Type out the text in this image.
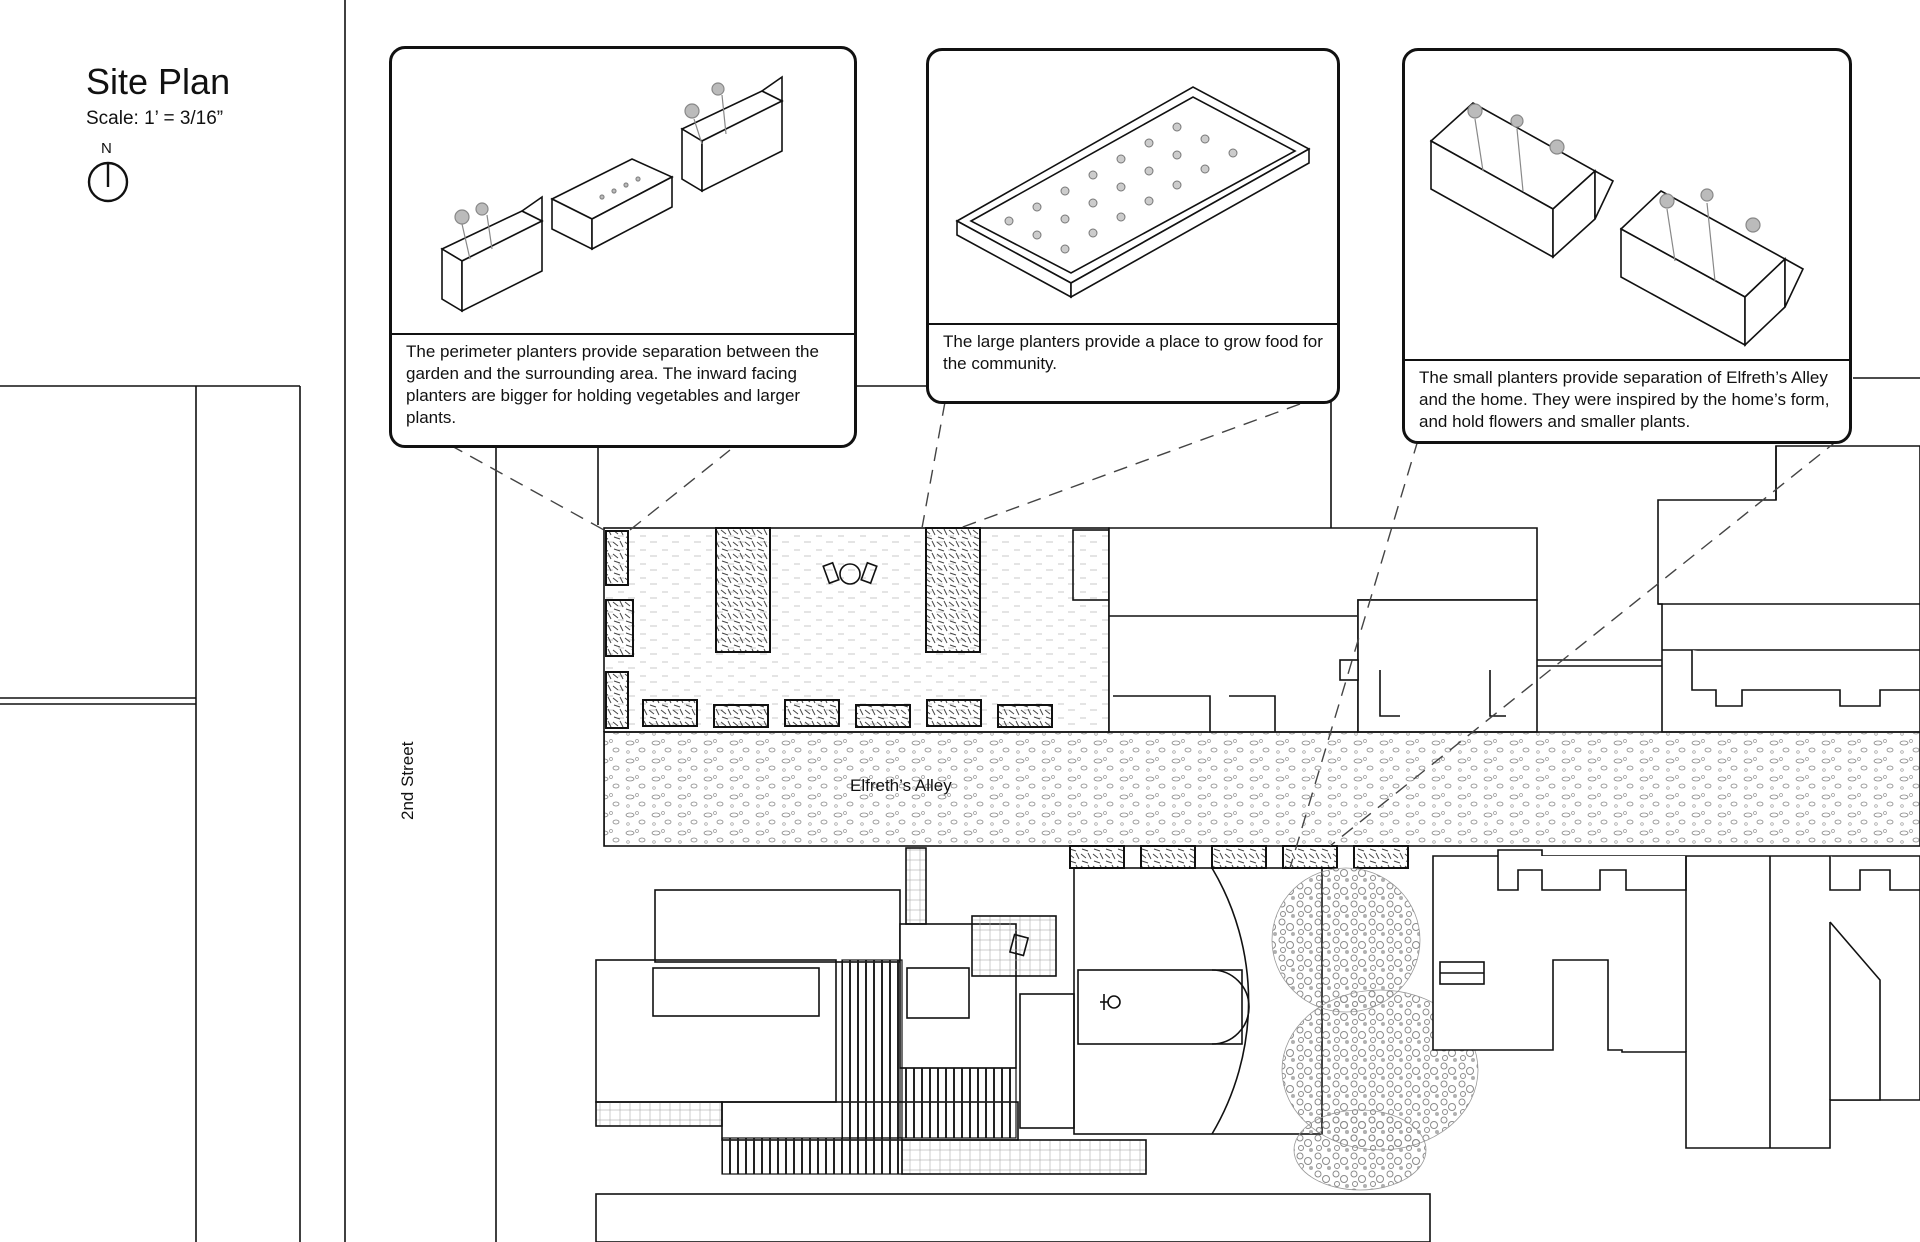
Site Plan
Scale: 1’ = 3/16”
N
Elfreth’s Alley
2nd Street
The perimeter planters provide separation between the garden and the surrounding area. The inward facing planters are bigger for holding vegetables and larger plants.
The large planters provide a place to grow food for the community.
The small planters provide separation of Elfreth’s Alley and the home. They were inspired by the home’s form, and hold flowers and smaller plants.
